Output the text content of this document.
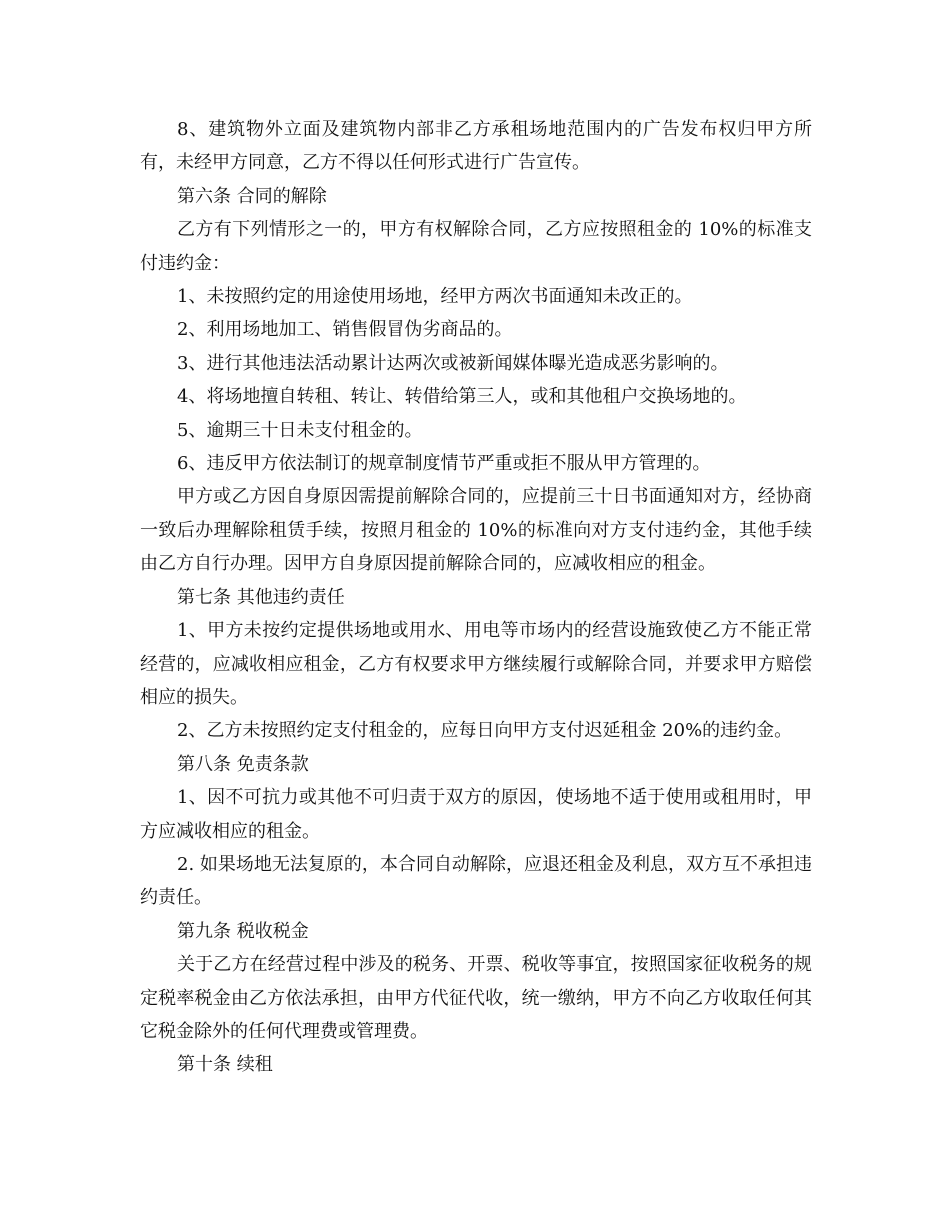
8、建筑物外立面及建筑物内部非乙方承租场地范围内的广告发布权归甲方所有，未经甲方同意，乙方不得以任何形式进行广告宣传。

第六条 合同的解除

乙方有下列情形之一的，甲方有权解除合同，乙方应按照租金的 10%的标准支付违约金：

1、未按照约定的用途使用场地，经甲方两次书面通知未改正的。

2、利用场地加工、销售假冒伪劣商品的。

3、进行其他违法活动累计达两次或被新闻媒体曝光造成恶劣影响的。

4、将场地擅自转租、转让、转借给第三人，或和其他租户交换场地的。

5、逾期三十日未支付租金的。

6、违反甲方依法制订的规章制度情节严重或拒不服从甲方管理的。

甲方或乙方因自身原因需提前解除合同的，应提前三十日书面通知对方，经协商一致后办理解除租赁手续，按照月租金的 10%的标准向对方支付违约金，其他手续由乙方自行办理。因甲方自身原因提前解除合同的，应减收相应的租金。

第七条 其他违约责任

1、甲方未按约定提供场地或用水、用电等市场内的经营设施致使乙方不能正常经营的，应减收相应租金，乙方有权要求甲方继续履行或解除合同，并要求甲方赔偿相应的损失。

2、乙方未按照约定支付租金的，应每日向甲方支付迟延租金 20%的违约金。

第八条 免责条款

1、因不可抗力或其他不可归责于双方的原因，使场地不适于使用或租用时，甲方应减收相应的租金。

2. 如果场地无法复原的，本合同自动解除，应退还租金及利息，双方互不承担违约责任。

第九条 税收税金

关于乙方在经营过程中涉及的税务、开票、税收等事宜，按照国家征收税务的规定税率税金由乙方依法承担，由甲方代征代收，统一缴纳，甲方不向乙方收取任何其它税金除外的任何代理费或管理费。

第十条 续租
